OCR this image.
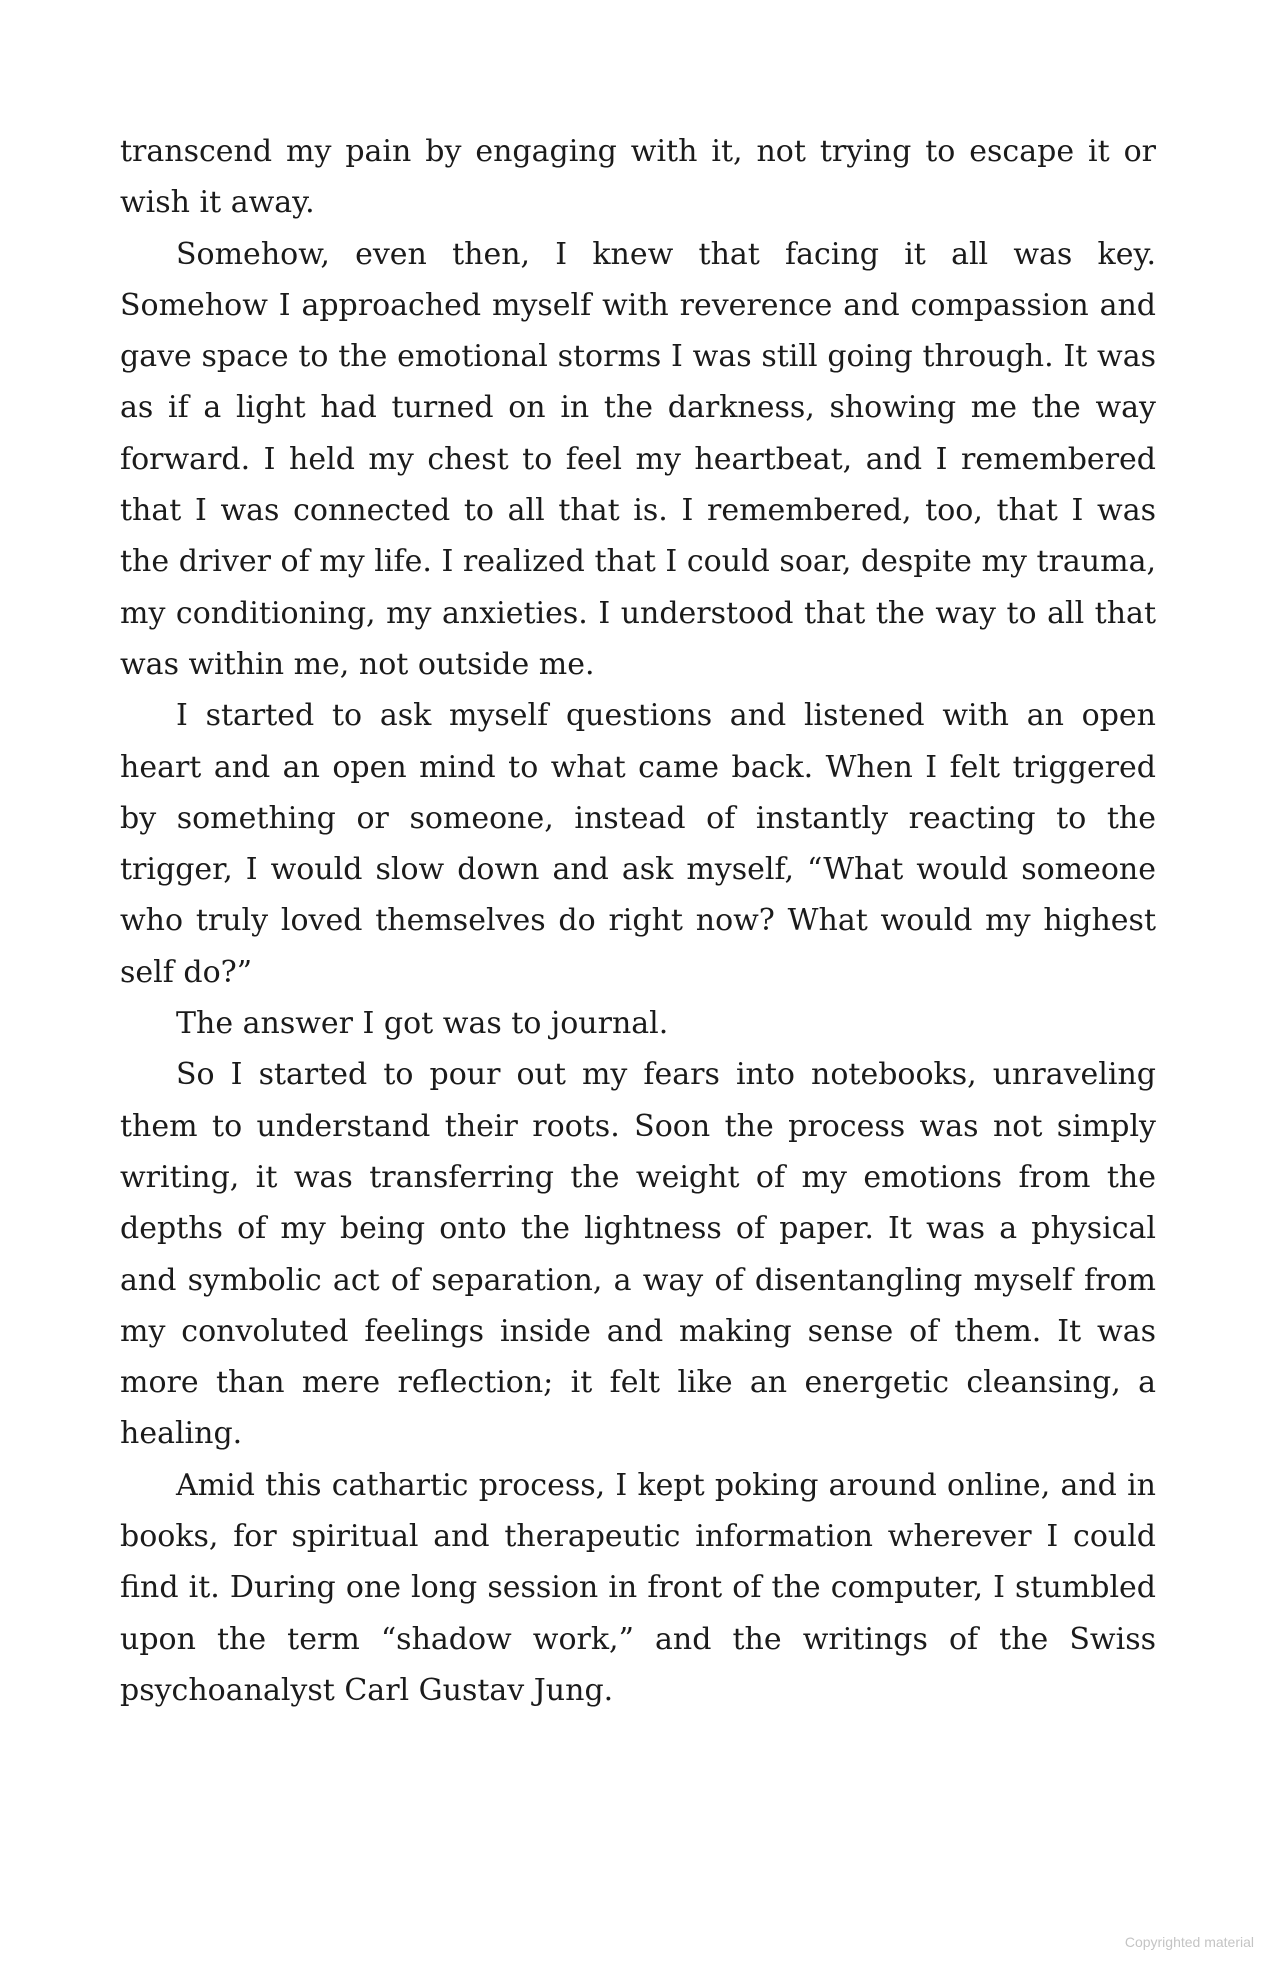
transcend my pain by engaging with it, not trying to escape it or wish it away.

Somehow, even then, I knew that facing it all was key. Somehow I approached myself with reverence and compassion and gave space to the emotional storms I was still going through. It was as if a light had turned on in the darkness, showing me the way forward. I held my chest to feel my heartbeat, and I remembered that I was connected to all that is. I remembered, too, that I was the driver of my life. I realized that I could soar, despite my trauma, my conditioning, my anxieties. I understood that the way to all that was within me, not outside me.

I started to ask myself questions and listened with an open heart and an open mind to what came back. When I felt triggered by something or someone, instead of instantly reacting to the trigger, I would slow down and ask myself, “What would someone who truly loved themselves do right now? What would my highest self do?”

The answer I got was to journal.

So I started to pour out my fears into notebooks, unraveling them to understand their roots. Soon the process was not simply writing, it was transferring the weight of my emotions from the depths of my being onto the lightness of paper. It was a physical and symbolic act of separation, a way of disentangling myself from my convoluted feelings inside and making sense of them. It was more than mere reflection; it felt like an energetic cleansing, a healing.

Amid this cathartic process, I kept poking around online, and in books, for spiritual and therapeutic information wherever I could find it. During one long session in front of the computer, I stumbled upon the term “shadow work,” and the writings of the Swiss psychoanalyst Carl Gustav Jung.

Copyrighted material
